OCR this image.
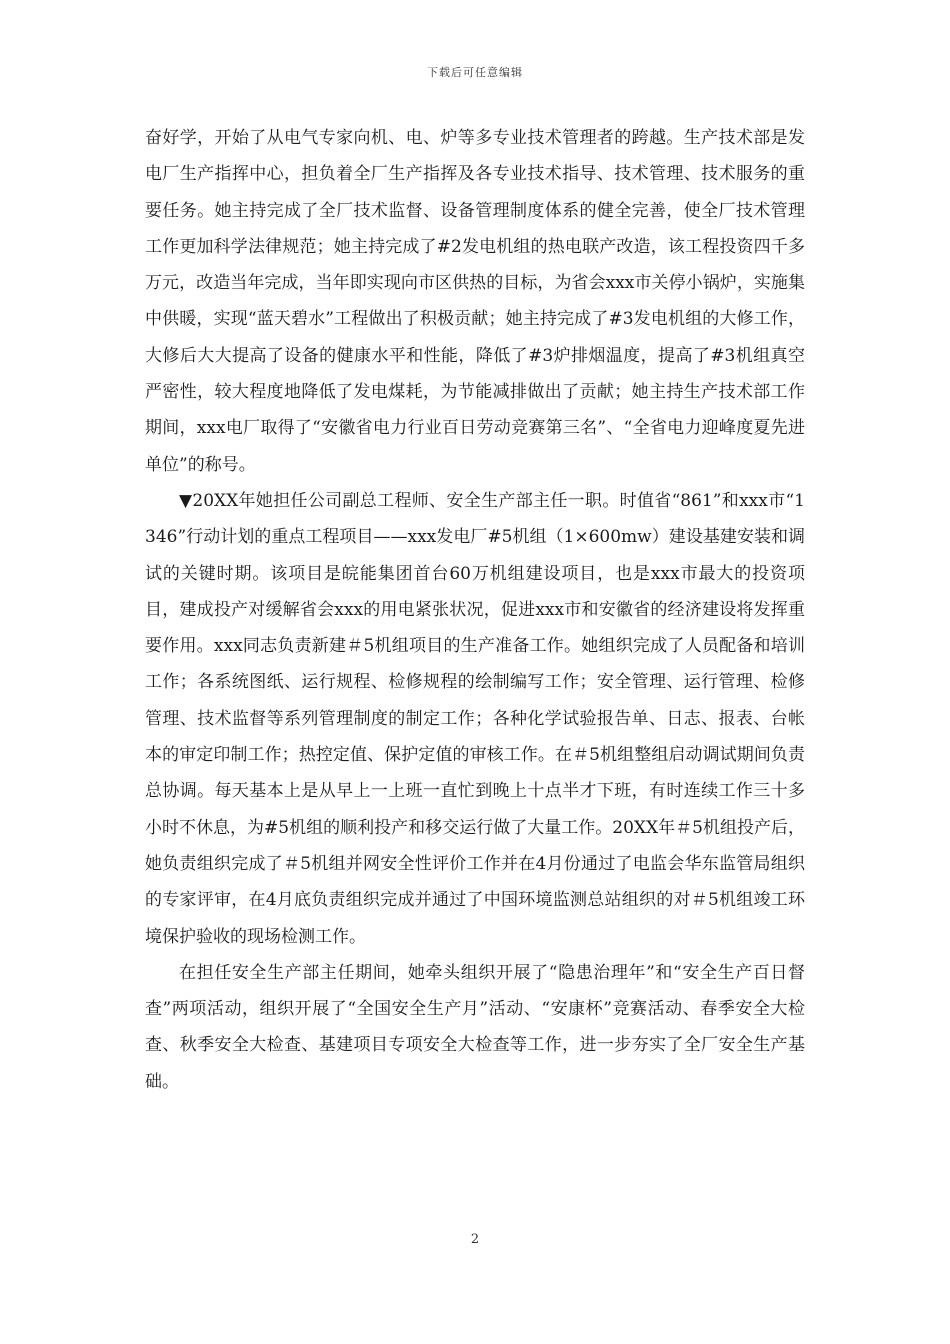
下载后可任意编辑

奋好学，开始了从电气专家向机、电、炉等多专业技术管理者的跨越。生产技术部是发电厂生产指挥中心，担负着全厂生产指挥及各专业技术指导、技术管理、技术服务的重要任务。她主持完成了全厂技术监督、设备管理制度体系的健全完善，使全厂技术管理工作更加科学法律规范；她主持完成了#2发电机组的热电联产改造，该工程投资四千多万元，改造当年完成，当年即实现向市区供热的目标，为省会xxx市关停小锅炉，实施集中供暖，实现“蓝天碧水”工程做出了积极贡献；她主持完成了#3发电机组的大修工作，大修后大大提高了设备的健康水平和性能，降低了#3炉排烟温度，提高了#3机组真空严密性，较大程度地降低了发电煤耗，为节能减排做出了贡献；她主持生产技术部工作期间，xxx电厂取得了“安徽省电力行业百日劳动竞赛第三名”、“全省电力迎峰度夏先进单位”的称号。

▼20XX年她担任公司副总工程师、安全生产部主任一职。时值省“861”和xxx市“1346”行动计划的重点工程项目——xxx发电厂#5机组（1×600mw）建设基建安装和调试的关键时期。该项目是皖能集团首台60万机组建设项目，也是xxx市最大的投资项目，建成投产对缓解省会xxx的用电紧张状况，促进xxx市和安徽省的经济建设将发挥重要作用。xxx同志负责新建＃5机组项目的生产准备工作。她组织完成了人员配备和培训工作；各系统图纸、运行规程、检修规程的绘制编写工作；安全管理、运行管理、检修管理、技术监督等系列管理制度的制定工作；各种化学试验报告单、日志、报表、台帐本的审定印制工作；热控定值、保护定值的审核工作。在＃5机组整组启动调试期间负责总协调。每天基本上是从早上一上班一直忙到晚上十点半才下班，有时连续工作三十多小时不休息，为#5机组的顺利投产和移交运行做了大量工作。20XX年＃5机组投产后，她负责组织完成了＃5机组并网安全性评价工作并在4月份通过了电监会华东监管局组织的专家评审，在4月底负责组织完成并通过了中国环境监测总站组织的对＃5机组竣工环境保护验收的现场检测工作。

在担任安全生产部主任期间，她牵头组织开展了“隐患治理年”和“安全生产百日督查”两项活动，组织开展了“全国安全生产月”活动、“安康杯”竞赛活动、春季安全大检查、秋季安全大检查、基建项目专项安全大检查等工作，进一步夯实了全厂安全生产基础。

2
